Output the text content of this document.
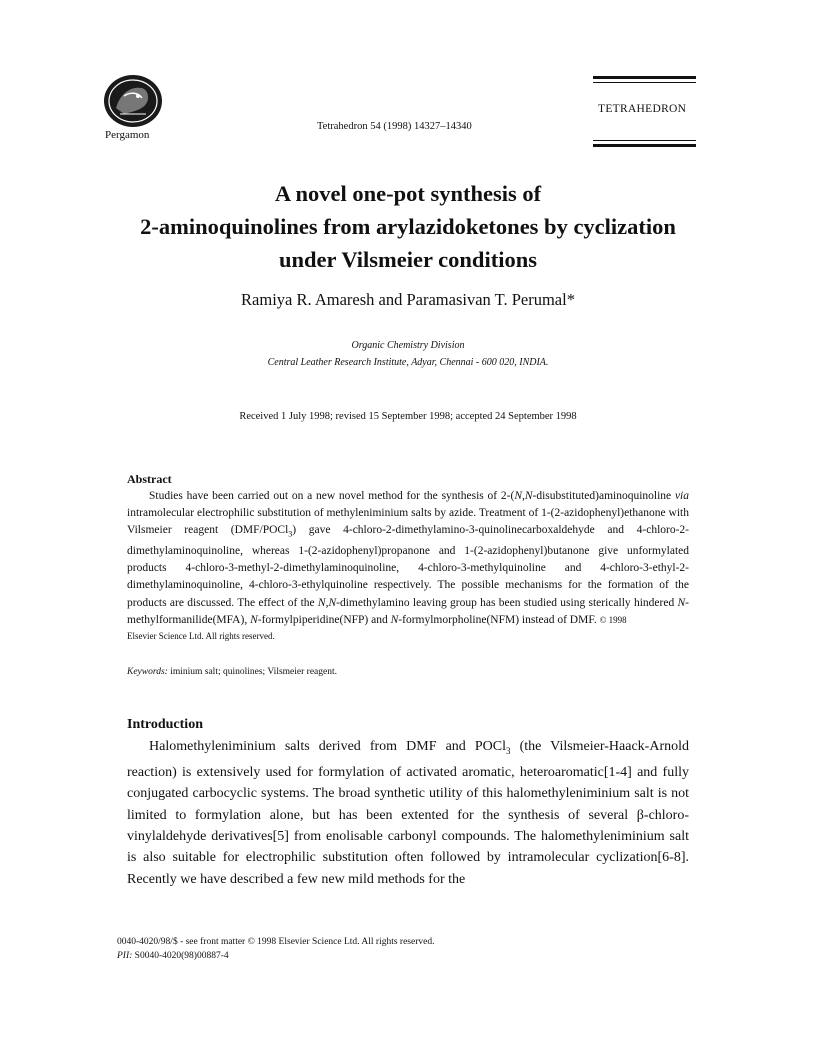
Pergamon
Tetrahedron 54 (1998) 14327–14340
TETRAHEDRON
A novel one-pot synthesis of
2-aminoquinolines from arylazidoketones by cyclization
under Vilsmeier conditions
Ramiya R. Amaresh and Paramasivan T. Perumal*
Organic Chemistry Division
Central Leather Research Institute, Adyar, Chennai - 600 020, INDIA.
Received 1 July 1998; revised 15 September 1998; accepted 24 September 1998
Abstract

Studies have been carried out on a new novel method for the synthesis of 2-(N,N-disubstituted)aminoquinoline via intramolecular electrophilic substitution of methyleniminium salts by azide. Treatment of 1-(2-azidophenyl)ethanone with Vilsmeier reagent (DMF/POCl$_3$) gave 4-chloro-2-dimethylamino-3-quinolinecarboxaldehyde and 4-chloro-2-dimethylaminoquinoline, whereas 1-(2-azidophenyl)propanone and 1-(2-azidophenyl)butanone give unformylated products 4-chloro-3-methyl-2-dimethylaminoquinoline, 4-chloro-3-methylquinoline and 4-chloro-3-ethyl-2-dimethylaminoquinoline, 4-chloro-3-ethylquinoline respectively. The possible mechanisms for the formation of the products are discussed. The effect of the N,N-dimethylamino leaving group has been studied using sterically hindered N-methylformanilide(MFA), N-formylpiperidine(NFP) and N-formylmorpholine(NFM) instead of DMF. © 1998

Elsevier Science Ltd. All rights reserved.

Keywords: iminium salt; quinolines; Vilsmeier reagent.
Introduction

Halomethyleniminium salts derived from DMF and POCl$_3$ (the Vilsmeier-Haack-Arnold reaction) is extensively used for formylation of activated aromatic, heteroaromatic[1-4] and fully conjugated carbocyclic systems. The broad synthetic utility of this halomethyleniminium salt is not limited to formylation alone, but has been extented for the synthesis of several β-chloro-vinylaldehyde derivatives[5] from enolisable carbonyl compounds. The halomethyleniminium salt is also suitable for electrophilic substitution often followed by intramolecular cyclization[6-8]. Recently we have described a few new mild methods for the

0040-4020/98/$ - see front matter © 1998 Elsevier Science Ltd. All rights reserved.
PII: S0040-4020(98)00887-4
